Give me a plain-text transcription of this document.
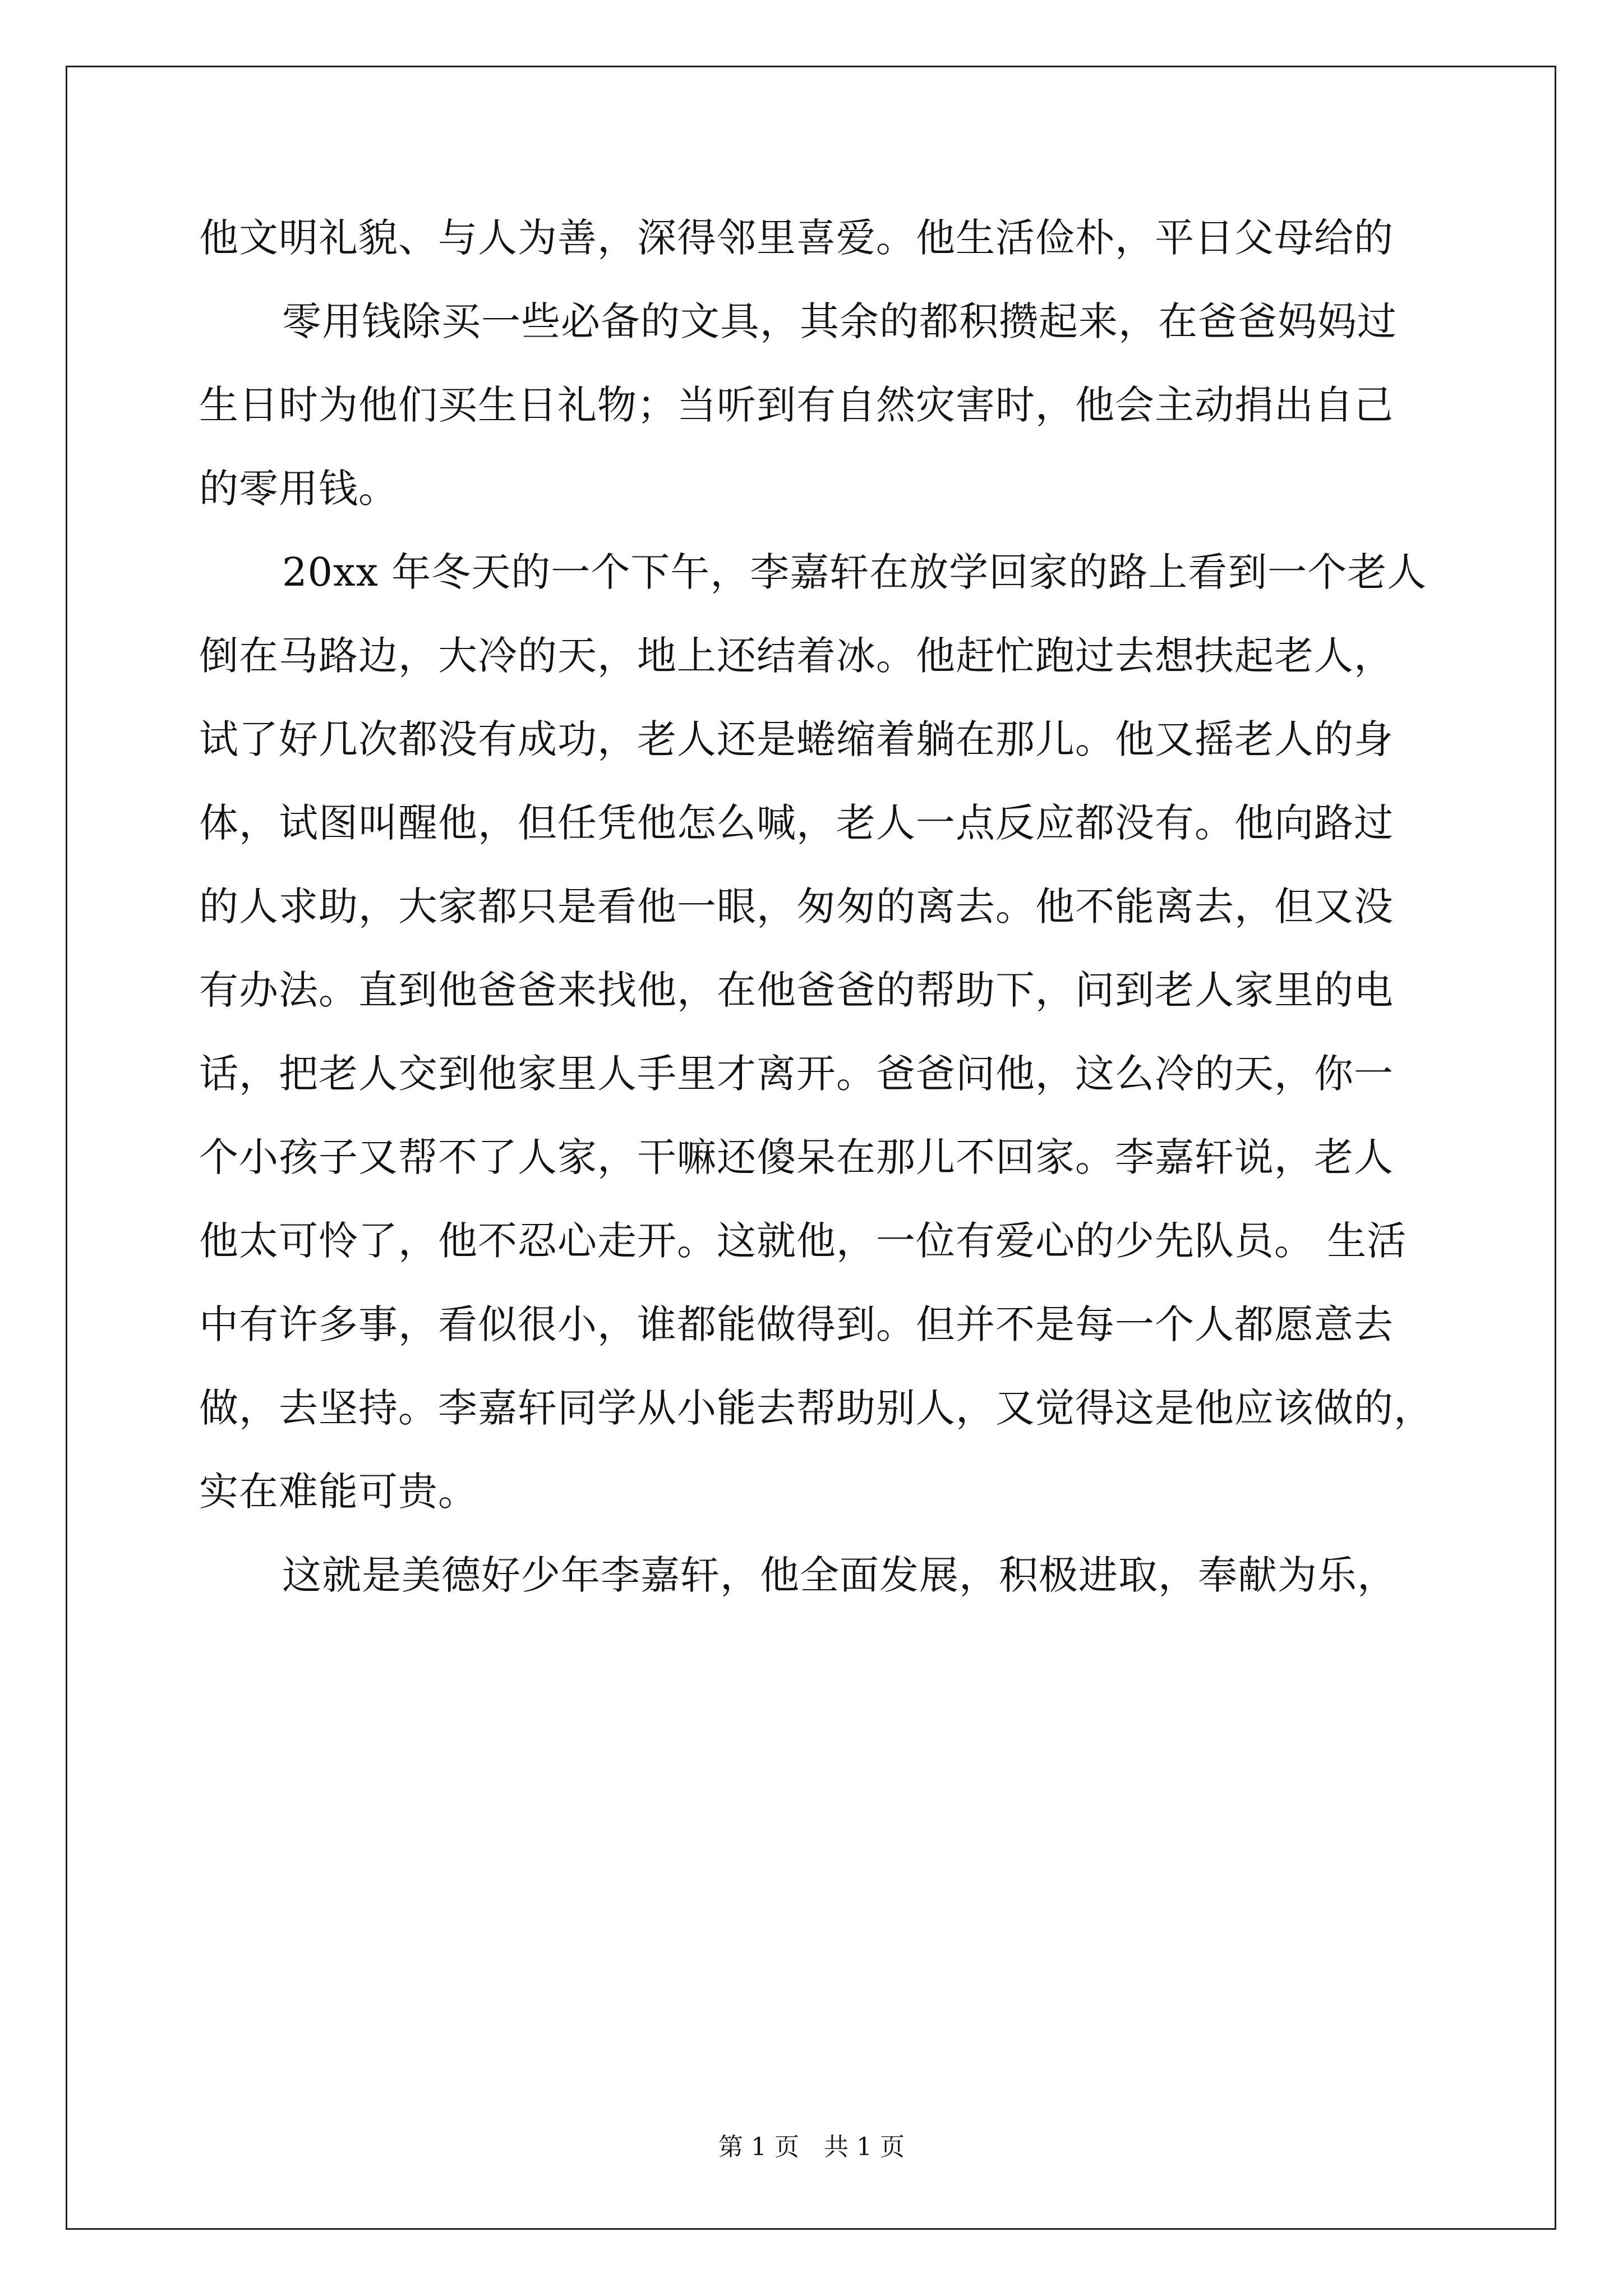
他文明礼貌、与人为善，深得邻里喜爱。他生活俭朴，平日父母给的
零用钱除买一些必备的文具，其余的都积攒起来，在爸爸妈妈过
生日时为他们买生日礼物；当听到有自然灾害时，他会主动捐出自己
的零用钱。
20xx 年冬天的一个下午，李嘉轩在放学回家的路上看到一个老人
倒在马路边，大冷的天，地上还结着冰。他赶忙跑过去想扶起老人，
试了好几次都没有成功，老人还是蜷缩着躺在那儿。他又摇老人的身
体，试图叫醒他，但任凭他怎么喊，老人一点反应都没有。他向路过
的人求助，大家都只是看他一眼，匆匆的离去。他不能离去，但又没
有办法。直到他爸爸来找他，在他爸爸的帮助下，问到老人家里的电
话，把老人交到他家里人手里才离开。爸爸问他，这么冷的天，你一
个小孩子又帮不了人家，干嘛还傻呆在那儿不回家。李嘉轩说，老人
他太可怜了，他不忍心走开。这就他，一位有爱心的少先队员。 生活
中有许多事，看似很小，谁都能做得到。但并不是每一个人都愿意去
做，去坚持。李嘉轩同学从小能去帮助别人，又觉得这是他应该做的，
实在难能可贵。
这就是美德好少年李嘉轩，他全面发展，积极进取，奉献为乐，
第 1 页　共 1 页
